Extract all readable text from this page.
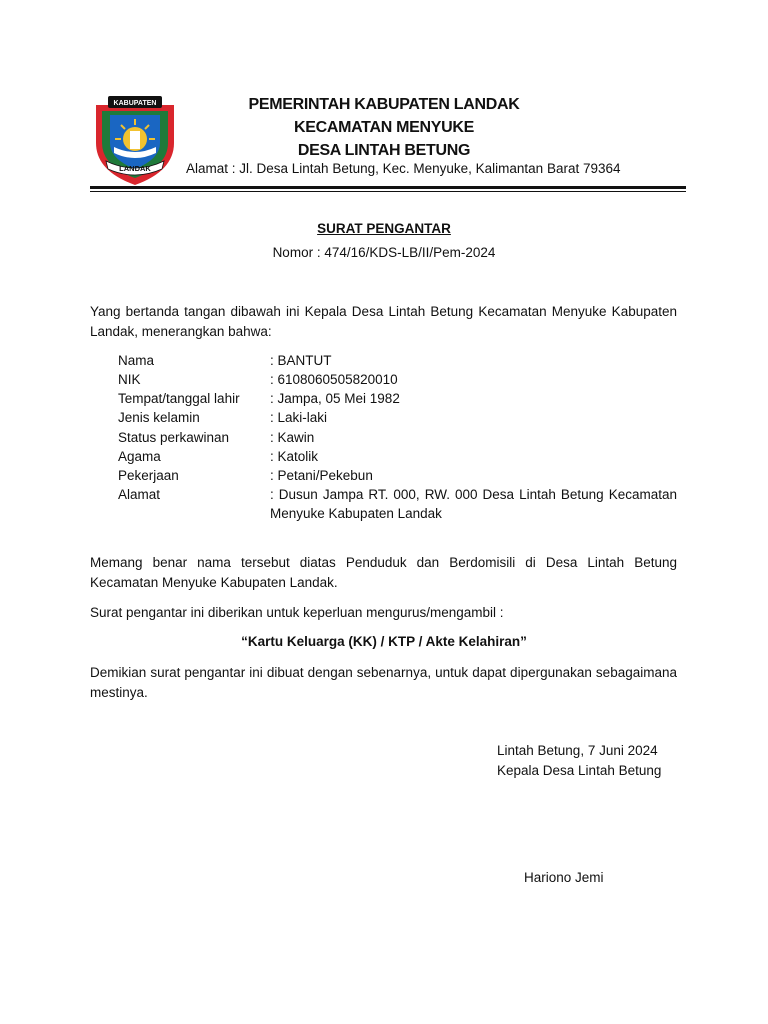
KABUPATEN
LANDAK
PEMERINTAH KABUPATEN LANDAK
KECAMATAN MENYUKE
DESA LINTAH BETUNG
Alamat : Jl. Desa Lintah Betung, Kec. Menyuke, Kalimantan Barat 79364
SURAT PENGANTAR
Nomor : 474/16/KDS-LB/II/Pem-2024
Yang bertanda tangan dibawah ini Kepala Desa Lintah Betung Kecamatan Menyuke Kabupaten Landak, menerangkan bahwa:
Nama	: BANTUT
NIK	: 6108060505820010
Tempat/tanggal lahir : Jampa, 05 Mei 1982
Jenis kelamin	: Laki-laki
Status perkawinan	: Kawin
Agama	: Katolik
Pekerjaan	: Petani/Pekebun
Alamat	: Dusun Jampa RT. 000, RW. 000 Desa Lintah Betung Kecamatan Menyuke Kabupaten Landak
Memang benar nama tersebut diatas Penduduk dan Berdomisili di Desa Lintah Betung Kecamatan Menyuke Kabupaten Landak.
Surat pengantar ini diberikan untuk keperluan mengurus/mengambil :
“Kartu Keluarga (KK) / KTP / Akte Kelahiran”
Demikian surat pengantar ini dibuat dengan sebenarnya, untuk dapat dipergunakan sebagaimana mestinya.
Lintah Betung, 7 Juni 2024
Kepala Desa Lintah Betung
Hariono Jemi
